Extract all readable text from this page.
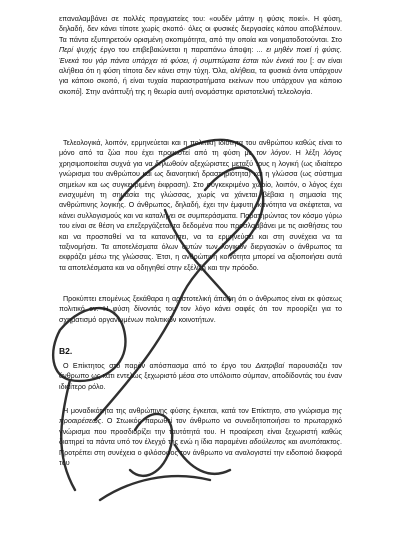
επαναλαμβάνει σε πολλές πραγματείες του: «ουδέν μάτην η φύσις ποιεί». Η φύση, δηλαδή, δεν κάνει τίποτε χωρίς σκοπό· όλες οι φυσικές διεργασίες κάπου αποβλέπουν. Τα πάντα εξυπηρετούν ορισμένη σκοπιμότητα, από την οποία και νοηματοδοτούνται. Στο Περί ψυχής έργο του επιβεβαιώνεται η παραπάνω άποψη: ... ει μηθέν ποιεί ή φύσις. Ένεκά του γάρ πάντα υπάρχει τά φύσει, ή συμπτώματα έσται τών ένεκά του [: αν είναι αλήθεια ότι η φύση τίποτα δεν κάνει στην τύχη. Όλα, αλήθεια, τα φυσικά όντα υπάρχουν για κάποιο σκοπό, ή είναι τυχαία παραστρατήματα εκείνων που υπάρχουν για κάποιο σκοπό]. Στην ανάπτυξή της η θεωρία αυτή ονομάστηκε αριστοτελική τελεολογία.

Τελεολογικά, λοιπόν, ερμηνεύεται και η πολιτική ιδιότητα του ανθρώπου καθώς είναι το μόνο από τα ζώα που έχει προικιστεί από τη φύση με τον λόγον. Η λέξη λόγος χρησιμοποιείται συχνά για να δηλωθούν αξεχώριστες μεταξύ τους η λογική (ως ιδιαίτερο γνώρισμα του ανθρώπου και ως διανοητική δραστηριότητα) και η γλώσσα (ως σύστημα σημείων και ως συγκεκριμένη έκφραση). Στο συγκεκριμένο χωρίο, λοιπόν, ο λόγος έχει ενισχυμένη τη σημασία της γλώσσας, χωρίς να χάνεται βέβαια η σημασία της ανθρώπινης λογικής. Ο άνθρωπος, δηλαδή, έχει την έμφυτη ικανότητα να σκέφτεται, να κάνει συλλογισμούς και να καταλήγει σε συμπεράσματα. Παρατηρώντας τον κόσμο γύρω του είναι σε θέση να επεξεργάζεται τα δεδομένα που προσλαμβάνει με τις αισθήσεις του και να προσπαθεί να τα κατανοήσει, να τα ερμηνεύσει και στη συνέχεια να τα ταξινομήσει. Τα αποτελέσματα όλων αυτών των λογικών διεργασιών ο άνθρωπος τα εκφράζει μέσω της γλώσσας. Έτσι, η ανθρώπινη κοινότητα μπορεί να αξιοποιήσει αυτά τα αποτελέσματα και να οδηγηθεί στην εξέλιξη και την πρόοδο.

Προκύπτει επομένως ξεκάθαρα η αριστοτελική άποψη ότι ο άνθρωπος είναι εκ φύσεως πολιτικό ον. Η φύση δίνοντάς του τον λόγο κάνει σαφές ότι τον προορίζει για το σχηματισμό οργανωμένων πολιτικών κοινοτήτων.

Β2.

Ο Επίκτητος στο παρόν απόσπασμα από το έργο του Διατριβαί παρουσιάζει τον άνθρωπο ως κάτι εντελώς ξεχωριστό μέσα στο υπόλοιπο σύμπαν, αποδίδοντάς του έναν ιδιαίτερο ρόλο.

Η μοναδικότητα της ανθρώπινης φύσης έγκειται, κατά τον Επίκτητο, στο γνώρισμα της προαιρέσεως. Ο Στωικός παρωθεί τον άνθρωπο να συνειδητοποιήσει το πρωταρχικό γνώρισμα που προσδιορίζει την ταυτότητά του. Η προαίρεση είναι ξεχωριστή καθώς διατηρεί τα πάντα υπό τον έλεγχό της ενώ η ίδια παραμένει αδούλευτος και ανυπότακτος. Προτρέπει στη συνέχεια ο φιλόσοφος τον άνθρωπο να αναλογιστεί την ειδοποιό διαφορά του
